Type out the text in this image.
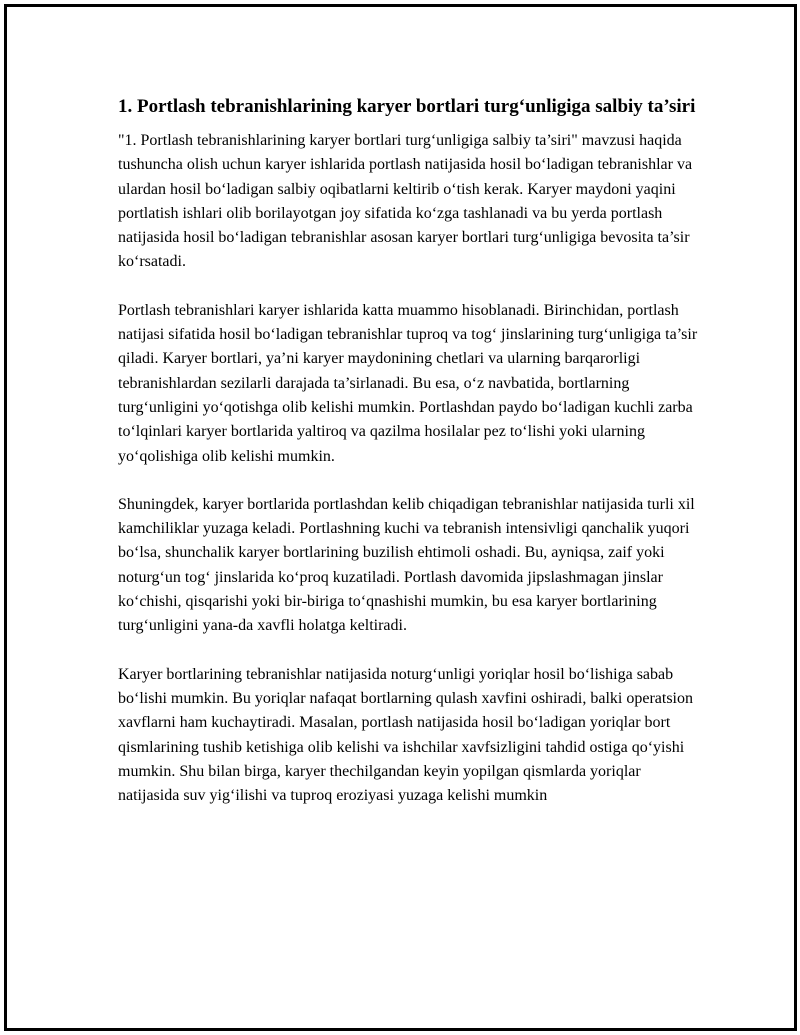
1. Portlash tebranishlarining karyer bortlari turg‘unligiga salbiy ta’siri

"1. Portlash tebranishlarining karyer bortlari turg‘unligiga salbiy ta’siri" mavzusi haqida tushuncha olish uchun karyer ishlarida portlash natijasida hosil bo‘ladigan tebranishlar va ulardan hosil bo‘ladigan salbiy oqibatlarni keltirib o‘tish kerak. Karyer maydoni yaqini portlatish ishlari olib borilayotgan joy sifatida ko‘zga tashlanadi va bu yerda portlash natijasida hosil bo‘ladigan tebranishlar asosan karyer bortlari turg‘unligiga bevosita ta’sir ko‘rsatadi.

Portlash tebranishlari karyer ishlarida katta muammo hisoblanadi. Birinchidan, portlash natijasi sifatida hosil bo‘ladigan tebranishlar tuproq va tog‘ jinslarining turg‘unligiga ta’sir qiladi. Karyer bortlari, ya’ni karyer maydonining chetlari va ularning barqarorligi tebranishlardan sezilarli darajada ta’sirlanadi. Bu esa, o‘z navbatida, bortlarning turg‘unligini yo‘qotishga olib kelishi mumkin. Portlashdan paydo bo‘ladigan kuchli zarba to‘lqinlari karyer bortlarida yaltiroq va qazilma hosilalar pez to‘lishi yoki ularning yo‘qolishiga olib kelishi mumkin.

Shuningdek, karyer bortlarida portlashdan kelib chiqadigan tebranishlar natijasida turli xil kamchiliklar yuzaga keladi. Portlashning kuchi va tebranish intensivligi qanchalik yuqori bo‘lsa, shunchalik karyer bortlarining buzilish ehtimoli oshadi. Bu, ayniqsa, zaif yoki noturg‘un tog‘ jinslarida ko‘proq kuzatiladi. Portlash davomida jipslashmagan jinslar ko‘chishi, qisqarishi yoki bir-biriga to‘qnashishi mumkin, bu esa karyer bortlarining turg‘unligini yana-da xavfli holatga keltiradi.

Karyer bortlarining tebranishlar natijasida noturg‘unligi yoriqlar hosil bo‘lishiga sabab bo‘lishi mumkin. Bu yoriqlar nafaqat bortlarning qulash xavfini oshiradi, balki operatsion xavflarni ham kuchaytiradi. Masalan, portlash natijasida hosil bo‘ladigan yoriqlar bort qismlarining tushib ketishiga olib kelishi va ishchilar xavfsizligini tahdid ostiga qo‘yishi mumkin. Shu bilan birga, karyer thechilgandan keyin yopilgan qismlarda yoriqlar natijasida suv yig‘ilishi va tuproq eroziyasi yuzaga kelishi mumkin
